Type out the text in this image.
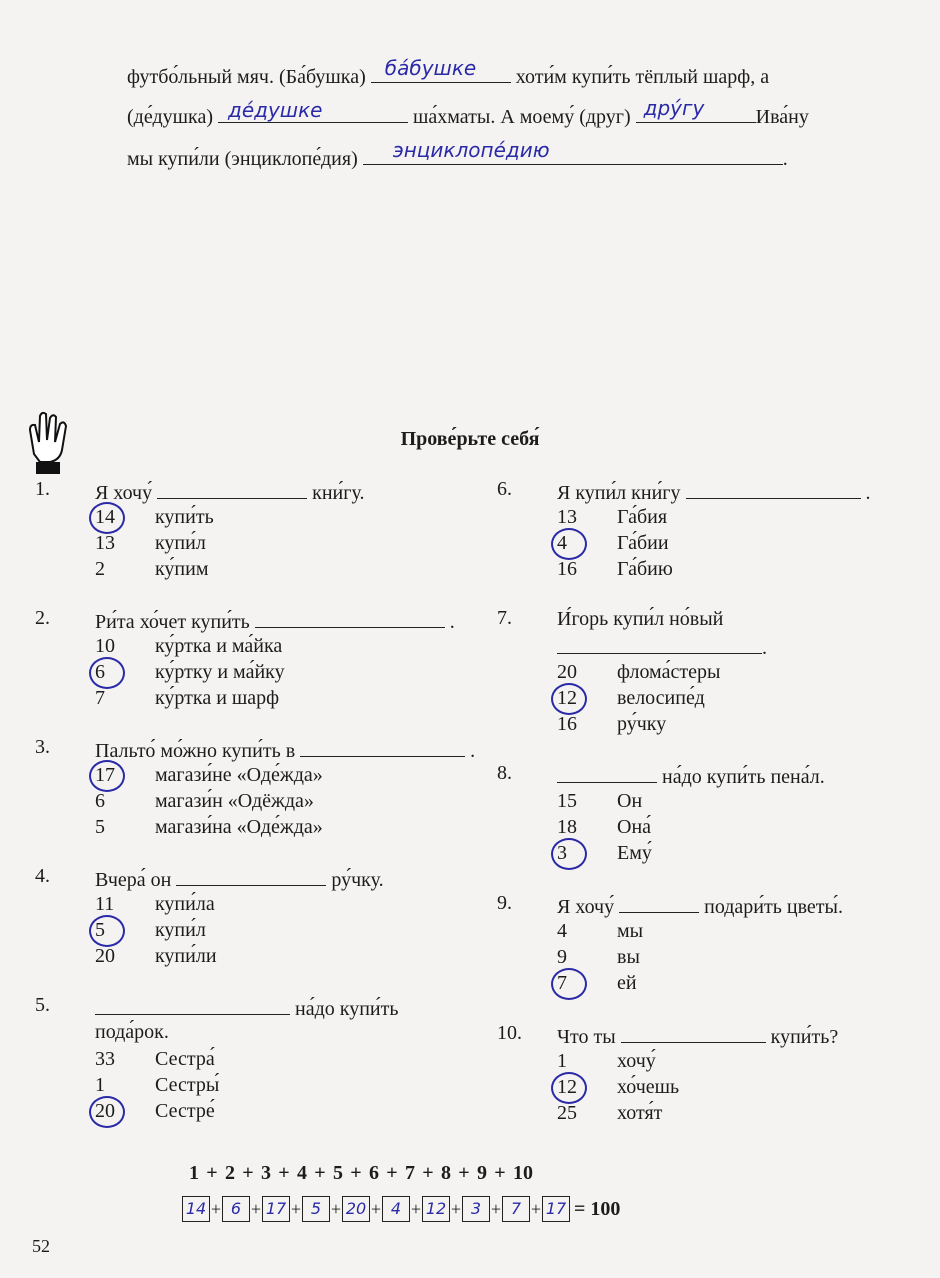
футбо́льный мяч. (Ба́бушка) ба́бушке хоти́м купи́ть тёплый шарф, а
(де́душка) де́душке	ша́хматы. А моему́ (друг) дру́гу	Ива́ну
мы купи́ли (энциклопе́дия) энциклопе́дию	.
Прове́рьте себя́
1. Я хочу́	кни́гу.
14 купи́ть
13 купи́л
2	ку́пим
2. Ри́та хо́чет купи́ть	.
10 ку́ртка и ма́йка
6	ку́ртку и ма́йку
7	ку́ртка и шарф
3. Пальто́ мо́жно купи́ть в	.
17 магази́не «Оде́жда»
6	магази́н «Одёжда»
5	магази́на «Оде́жда»
4. Вчера́ он	ру́чку.
11 купи́ла
5	купи́л
20 купи́ли
5.	на́до купи́ть
пода́рок.
33 Сестра́
1	Сестры́
20 Сестре́
6. Я купи́л кни́гу	.
13 Га́бия
4	Га́бии
16 Га́бию
7. И́горь купи́л но́вый
.
20 флома́стеры
12 велосипе́д
16 ру́чку
8.	на́до купи́ть пена́л.
15 Он
18 Она́
3	Ему́
9. Я хочу́	подари́ть цветы́.
4	мы
9	вы
7	ей
10. Что ты	купи́ть?
1	хочу́
12 хо́чешь
25 хотя́т
1 + 2 + 3 + 4 + 5 + 6 + 7 + 8 + 9 + 10
14 + 6 + 17 + 5 + 20 + 4 + 12 + 3 + 7 + 17 = 100
52
